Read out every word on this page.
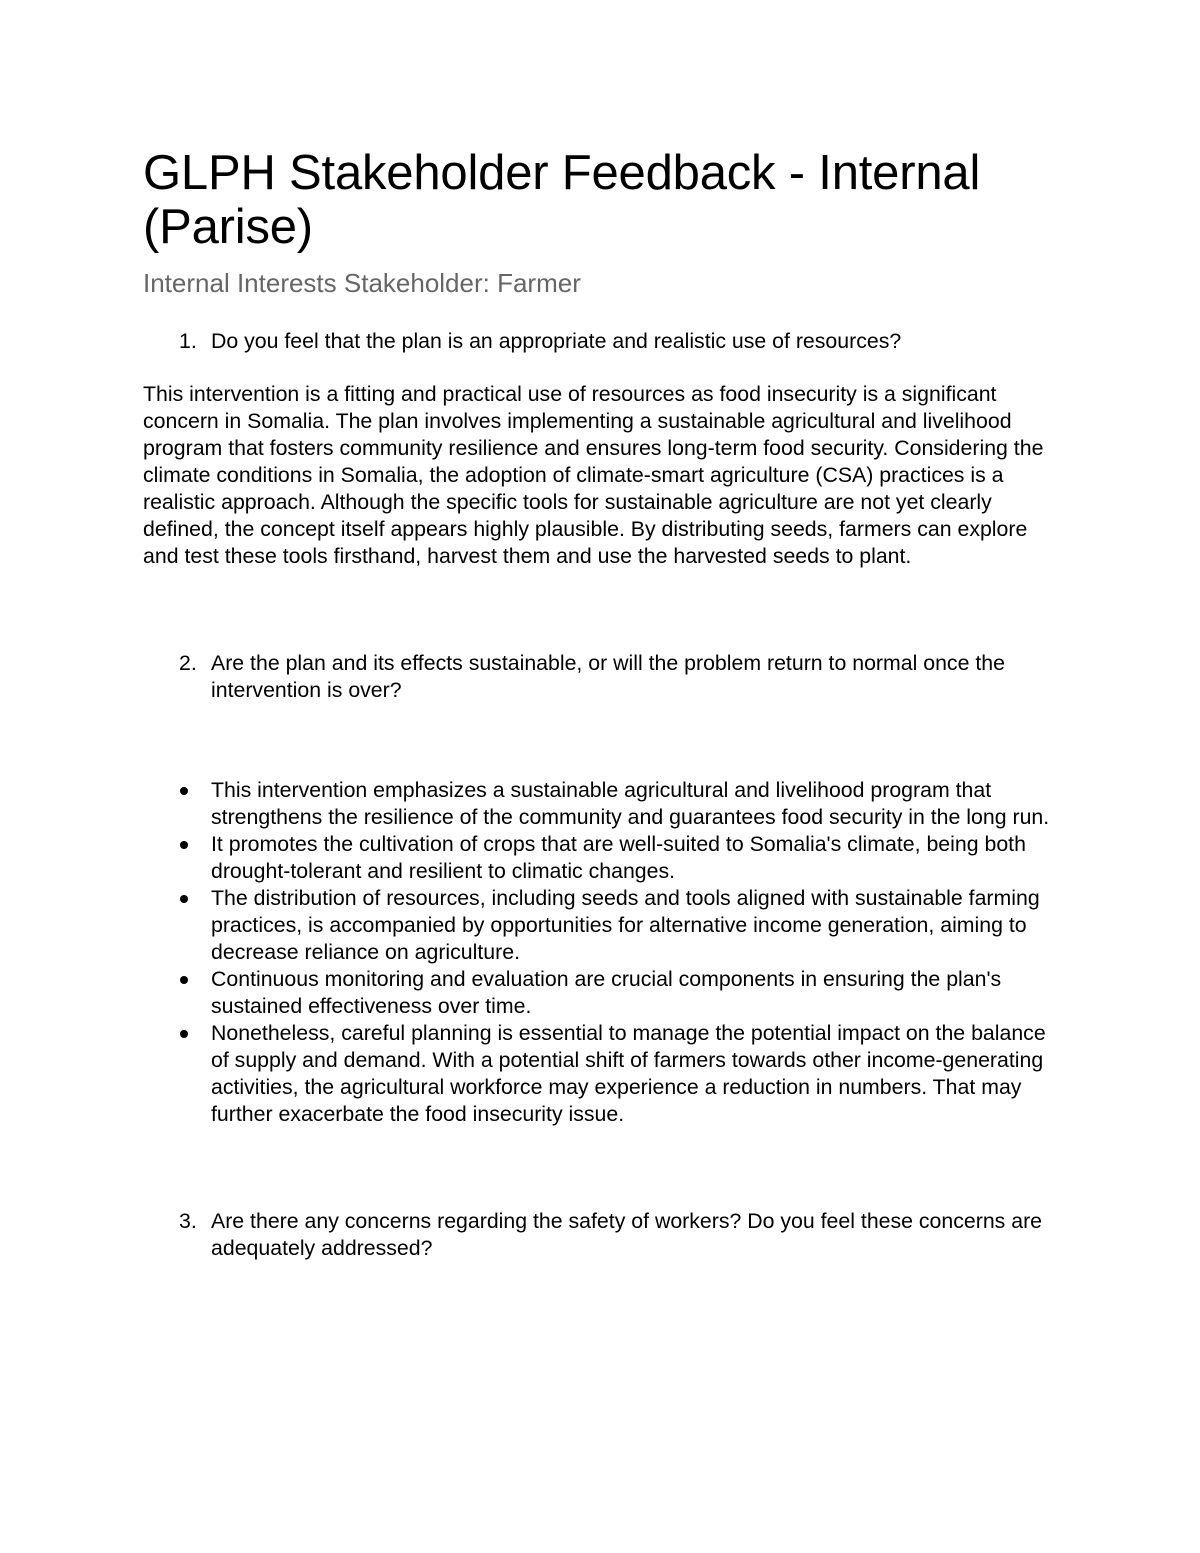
GLPH Stakeholder Feedback - Internal (Parise)
Internal Interests Stakeholder: Farmer
1. Do you feel that the plan is an appropriate and realistic use of resources?

This intervention is a fitting and practical use of resources as food insecurity is a significant concern in Somalia. The plan involves implementing a sustainable agricultural and livelihood program that fosters community resilience and ensures long-term food security. Considering the climate conditions in Somalia, the adoption of climate-smart agriculture (CSA) practices is a realistic approach. Although the specific tools for sustainable agriculture are not yet clearly defined, the concept itself appears highly plausible. By distributing seeds, farmers can explore and test these tools firsthand, harvest them and use the harvested seeds to plant.

2. Are the plan and its effects sustainable, or will the problem return to normal once the intervention is over?
This intervention emphasizes a sustainable agricultural and livelihood program that strengthens the resilience of the community and guarantees food security in the long run.
It promotes the cultivation of crops that are well-suited to Somalia's climate, being both drought-tolerant and resilient to climatic changes.
The distribution of resources, including seeds and tools aligned with sustainable farming practices, is accompanied by opportunities for alternative income generation, aiming to decrease reliance on agriculture.
Continuous monitoring and evaluation are crucial components in ensuring the plan's sustained effectiveness over time.
Nonetheless, careful planning is essential to manage the potential impact on the balance of supply and demand. With a potential shift of farmers towards other income-generating activities, the agricultural workforce may experience a reduction in numbers. That may further exacerbate the food insecurity issue.
3. Are there any concerns regarding the safety of workers? Do you feel these concerns are adequately addressed?
